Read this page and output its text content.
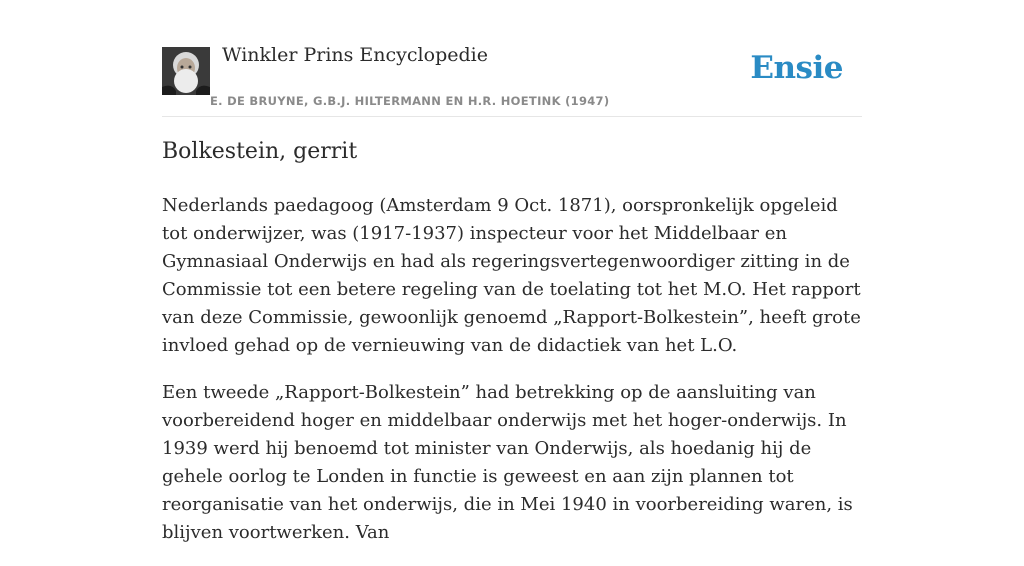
Winkler Prins Encyclopedie
E. DE BRUYNE, G.B.J. HILTERMANN EN H.R. HOETINK (1947)
Ensie
Bolkestein, gerrit

Nederlands paedagoog (Amsterdam 9 Oct. 1871), oorspronkelijk opgeleid tot onderwijzer, was (1917-1937) inspecteur voor het Middelbaar en Gymnasiaal Onderwijs en had als regeringsvertegenwoordiger zitting in de Commissie tot een betere regeling van de toelating tot het M.O. Het rapport van deze Commissie, gewoonlijk genoemd „Rapport-Bolkestein”, heeft grote invloed gehad op de vernieuwing van de didactiek van het L.O.

Een tweede „Rapport-Bolkestein” had betrekking op de aansluiting van voorbereidend hoger en middelbaar onderwijs met het hoger-onderwijs. In 1939 werd hij benoemd tot minister van Onderwijs, als hoedanig hij de gehele oorlog te Londen in functie is geweest en aan zijn plannen tot reorganisatie van het onderwijs, die in Mei 1940 in voorbereiding waren, is blijven voortwerken. Van
